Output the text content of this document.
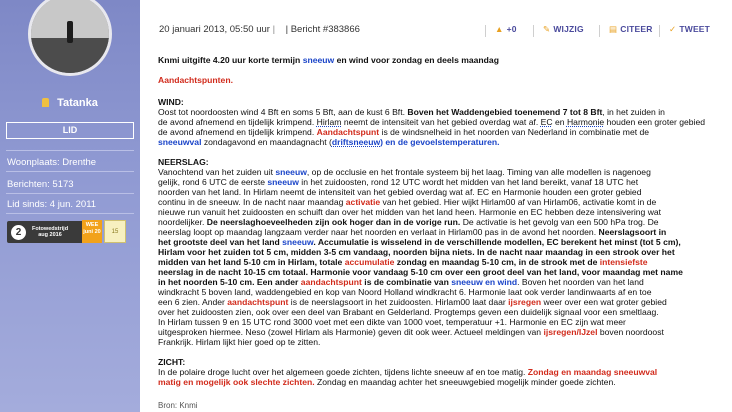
Tatanka
LID
Woonplaats: Drenthe
Berichten: 5173
Lid sinds: 4 jun. 2011
2	Fotowedstrijd
aug 2016
WEE
juni 20	15
20 januari 2013, 05:50 uur | | Bericht #383866	▲ +0	✎ WIJZIG	▤ CITEER ✓ TWEET

Knmi uitgifte 4.20 uur korte termijn sneeuw en wind voor zondag en deels maandag

Aandachtspunten.

WIND:

Oost tot noordoosten wind 4 Bft en soms 5 Bft, aan de kust 6 Bft. Boven het Waddengebied toenemend 7 tot 8 Bft, in het zuiden in
de avond afnemend en tijdelijk krimpend. Hirlam neemt de intensiteit van het gebied overdag wat af. EC en Harmonie houden een groter gebied
de avond afnemend en tijdelijk krimpend. Aandachtspunt is de windsnelheid in het noorden van Nederland in combinatie met de
sneeuwval zondagavond en maandagnacht (driftsneeuw) en de gevoelstemperaturen.

NEERSLAG:

Vanochtend van het zuiden uit sneeuw, op de occlusie en het frontale systeem bij het laag. Timing van alle modellen is nagenoeg
gelijk, rond 6 UTC de eerste sneeuw in het zuidoosten, rond 12 UTC wordt het midden van het land bereikt, vanaf 18 UTC het
noorden van het land. In Hirlam neemt de intensiteit van het gebied overdag wat af. EC en Harmonie houden een groter gebied
continu in de sneeuw. In de nacht naar maandag activatie van het gebied. Hier wijkt Hirlam00 af van Hirlam06, activatie komt in de
nieuwe run vanuit het zuidoosten en schuift dan over het midden van het land heen. Harmonie en EC hebben deze intensivering wat
noordelijker. De neerslaghoeveelheden zijn ook hoger dan in de vorige run. De activatie is het gevolg van een 500 hPa trog. De
neerslag loopt op maandag langzaam verder naar het noorden en verlaat in Hirlam00 pas in de avond het noorden. Neerslagsoort in
het grootste deel van het land sneeuw. Accumulatie is wisselend in de verschillende modellen, EC berekent het minst (tot 5 cm),
Hirlam voor het zuiden tot 5 cm, midden 3-5 cm vandaag, noorden bijna niets. In de nacht naar maandag in een strook over het
midden van het land 5-10 cm in Hirlam, totale accumulatie zondag en maandag 5-10 cm, in de strook met de intensiefste
neerslag in de nacht 10-15 cm totaal. Harmonie voor vandaag 5-10 cm over een groot deel van het land, voor maandag met name
in het noorden 5-10 cm. Een ander aandachtspunt is de combinatie van sneeuw en wind. Boven het noorden van het land
windkracht 5 boven land, waddengebied en kop van Noord Holland windkracht 6. Harmonie laat ook verder landinwaarts af en toe
een 6 zien. Ander aandachtspunt is de neerslagsoort in het zuidoosten. Hirlam00 laat daar ijsregen weer over een wat groter gebied
over het zuidoosten zien, ook over een deel van Brabant en Gelderland. Progtemps geven een duidelijk signaal voor een smeltlaag.
In Hirlam tussen 9 en 15 UTC rond 3000 voet met een dikte van 1000 voet, temperatuur +1. Harmonie en EC zijn wat meer
uitgesproken hiermee. Neso (zowel Hirlam als Harmonie) geven dit ook weer. Actueel meldingen van ijsregen/IJzel boven noordoost
Frankrijk. Hirlam lijkt hier goed op te zitten.

ZICHT:

In de polaire droge lucht over het algemeen goede zichten, tijdens lichte sneeuw af en toe matig. Zondag en maandag sneeuwval
matig en mogelijk ook slechte zichten. Zondag en maandag achter het sneeuwgebied mogelijk minder goede zichten.

Bron: Knmi
